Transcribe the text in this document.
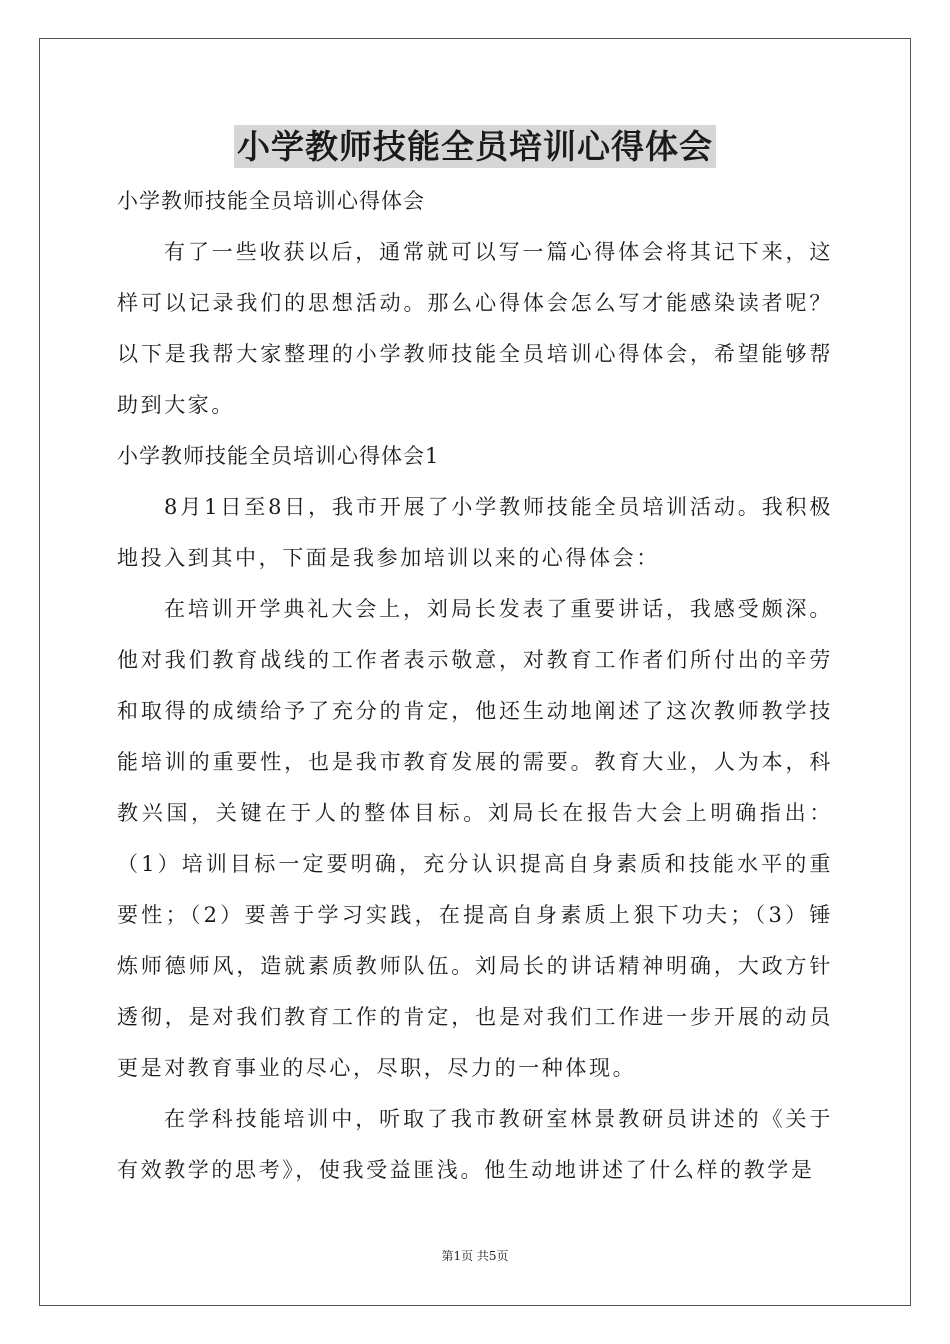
小学教师技能全员培训心得体会

小学教师技能全员培训心得体会

有了一些收获以后，通常就可以写一篇心得体会将其记下来，这样可以记录我们的思想活动。那么心得体会怎么写才能感染读者呢？以下是我帮大家整理的小学教师技能全员培训心得体会，希望能够帮助到大家。

小学教师技能全员培训心得体会1

8月1日至8日，我市开展了小学教师技能全员培训活动。我积极地投入到其中，下面是我参加培训以来的心得体会：

在培训开学典礼大会上，刘局长发表了重要讲话，我感受颇深。他对我们教育战线的工作者表示敬意，对教育工作者们所付出的辛劳和取得的成绩给予了充分的肯定，他还生动地阐述了这次教师教学技能培训的重要性，也是我市教育发展的需要。教育大业，人为本，科教兴国，关键在于人的整体目标。刘局长在报告大会上明确指出：（1）培训目标一定要明确，充分认识提高自身素质和技能水平的重要性；（2）要善于学习实践，在提高自身素质上狠下功夫；（3）锤炼师德师风，造就素质教师队伍。刘局长的讲话精神明确，大政方针透彻，是对我们教育工作的肯定，也是对我们工作进一步开展的动员更是对教育事业的尽心，尽职，尽力的一种体现。

在学科技能培训中，听取了我市教研室林景教研员讲述的《关于有效教学的思考》，使我受益匪浅。他生动地讲述了什么样的教学是

第1页 共5页
